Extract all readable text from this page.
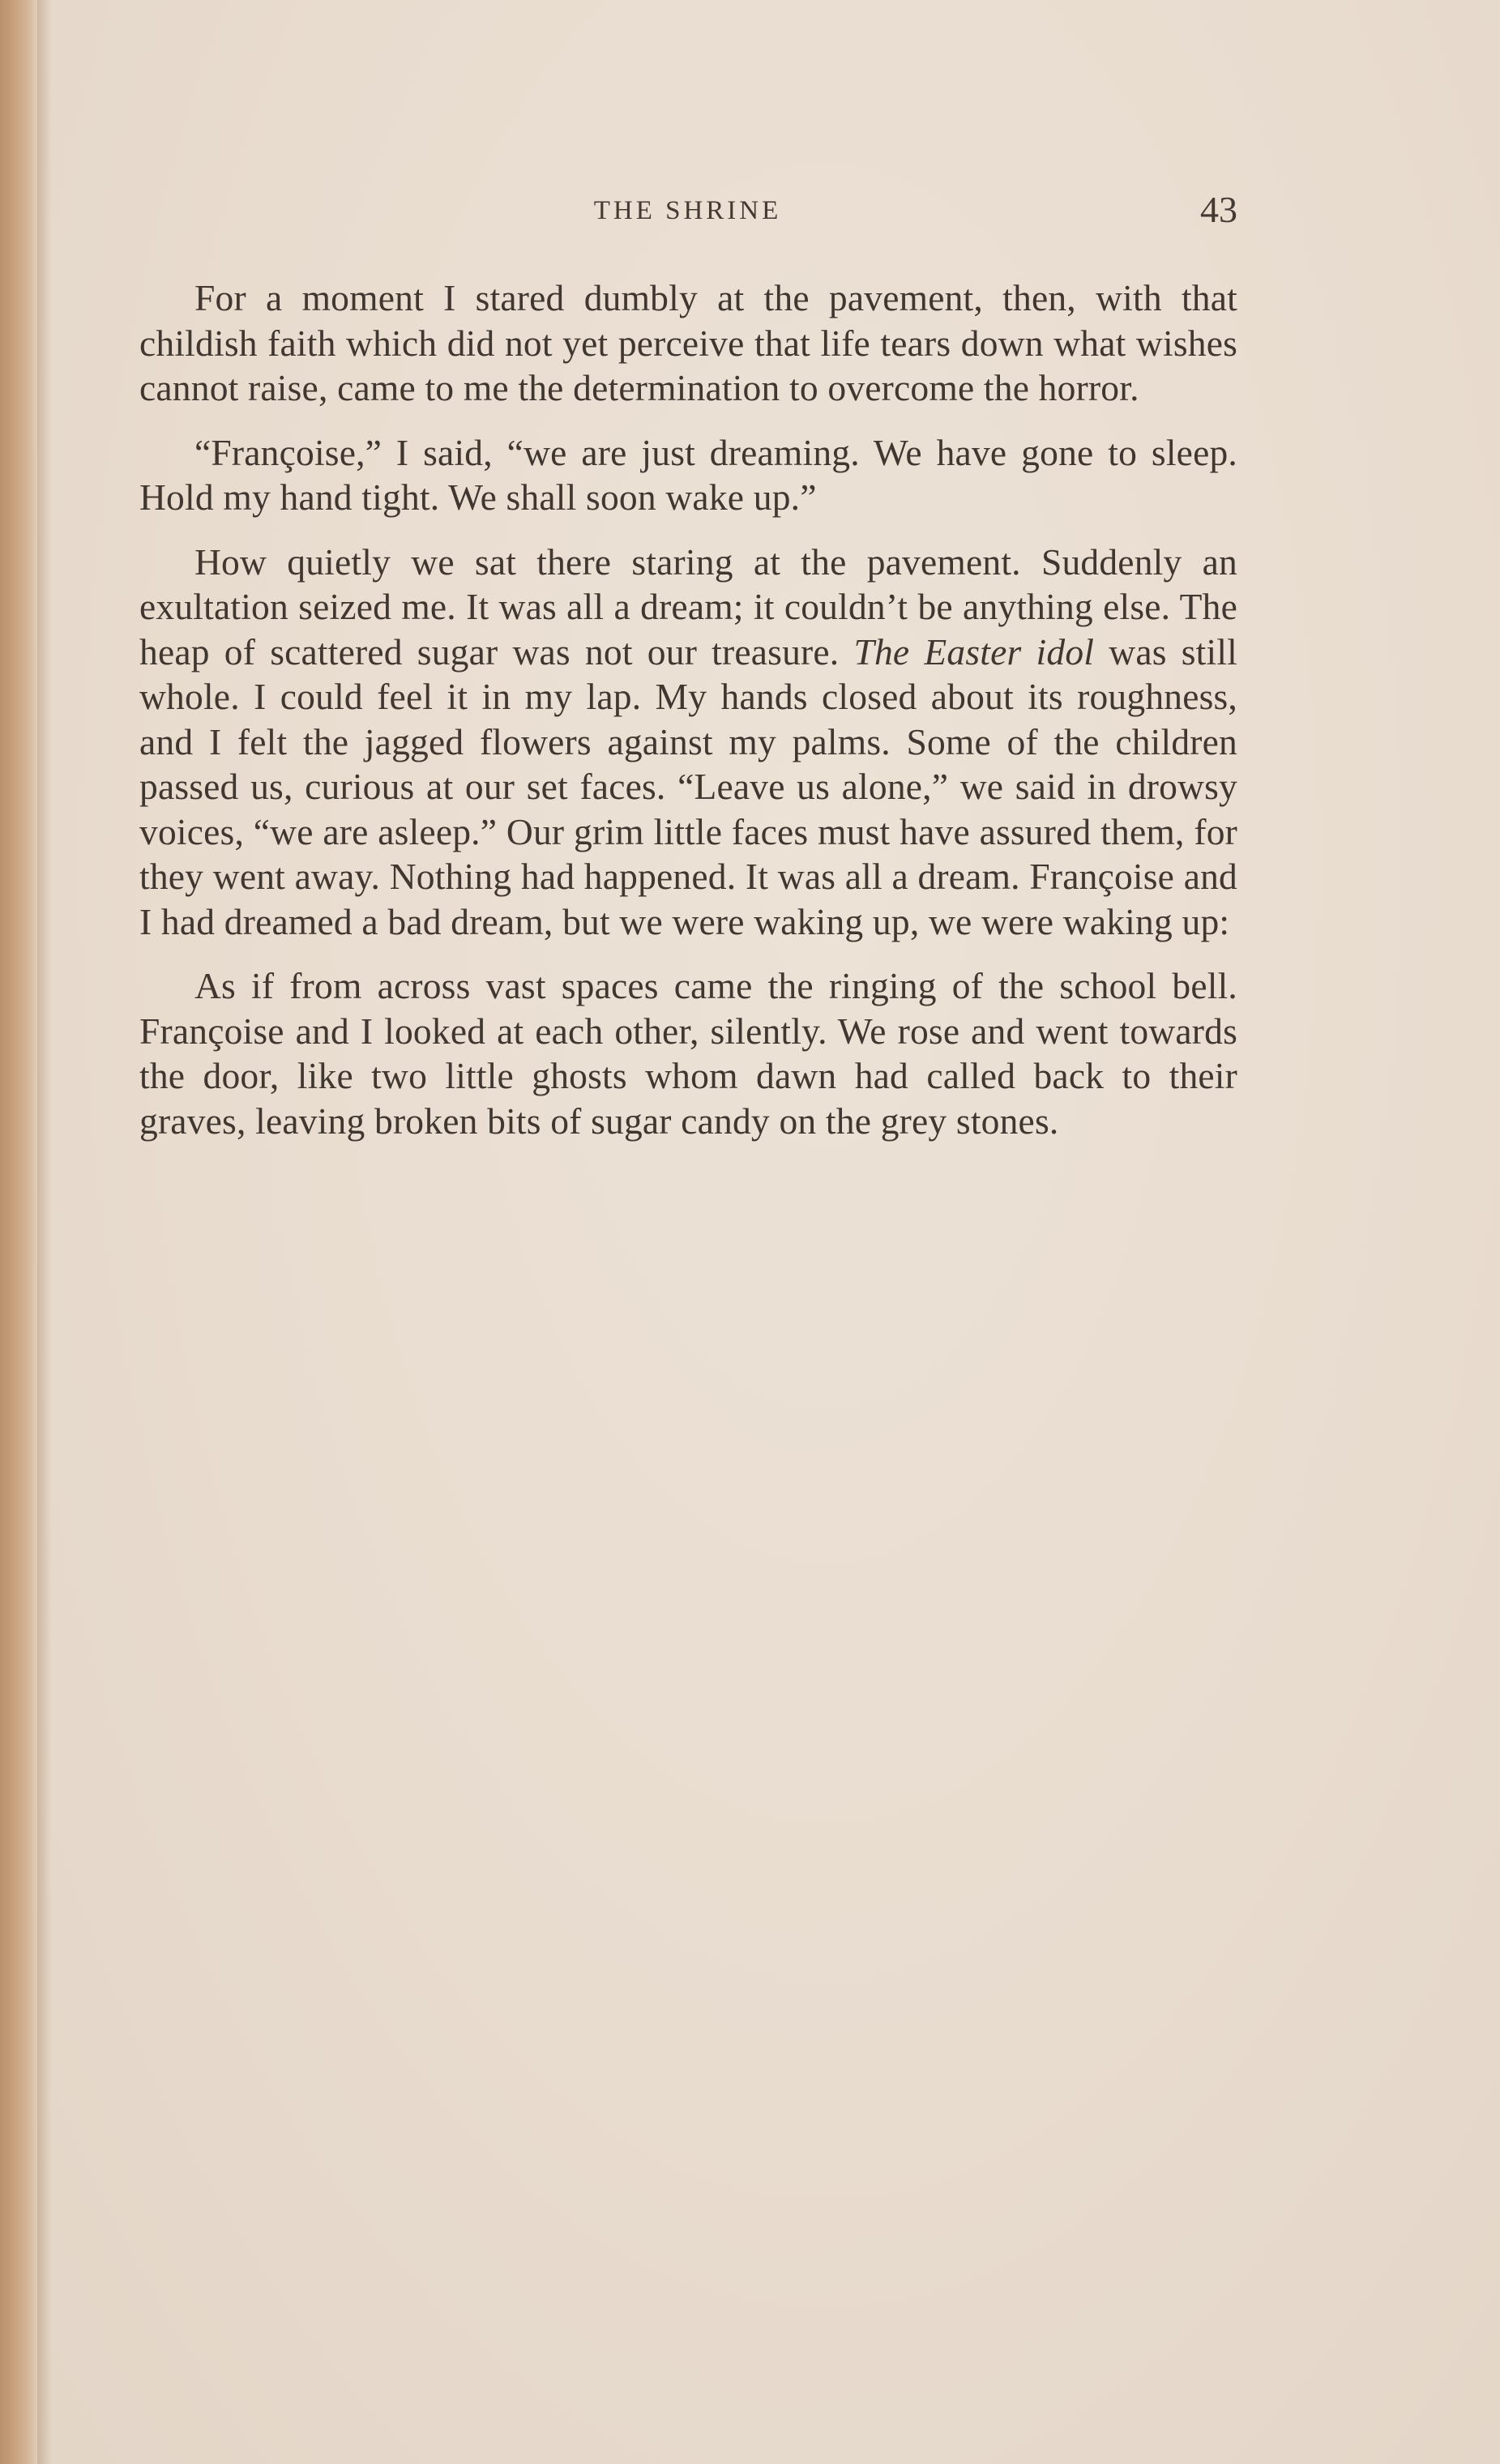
THE SHRINE	43

For a moment I stared dumbly at the pavement, then, with that childish faith which did not yet perceive that life tears down what wishes cannot raise, came to me the determination to overcome the horror.

“Françoise,” I said, “we are just dreaming. We have gone to sleep. Hold my hand tight. We shall soon wake up.”

How quietly we sat there staring at the pavement. Suddenly an exultation seized me. It was all a dream; it couldn’t be anything else. The heap of scattered sugar was not our treasure. The Easter idol was still whole. I could feel it in my lap. My hands closed about its roughness, and I felt the jagged flowers against my palms. Some of the children passed us, curious at our set faces. “Leave us alone,” we said in drowsy voices, “we are asleep.” Our grim little faces must have assured them, for they went away. Nothing had happened. It was all a dream. Françoise and I had dreamed a bad dream, but we were waking up, we were waking up:

As if from across vast spaces came the ringing of the school bell. Françoise and I looked at each other, silently. We rose and went towards the door, like two little ghosts whom dawn had called back to their graves, leaving broken bits of sugar candy on the grey stones.
